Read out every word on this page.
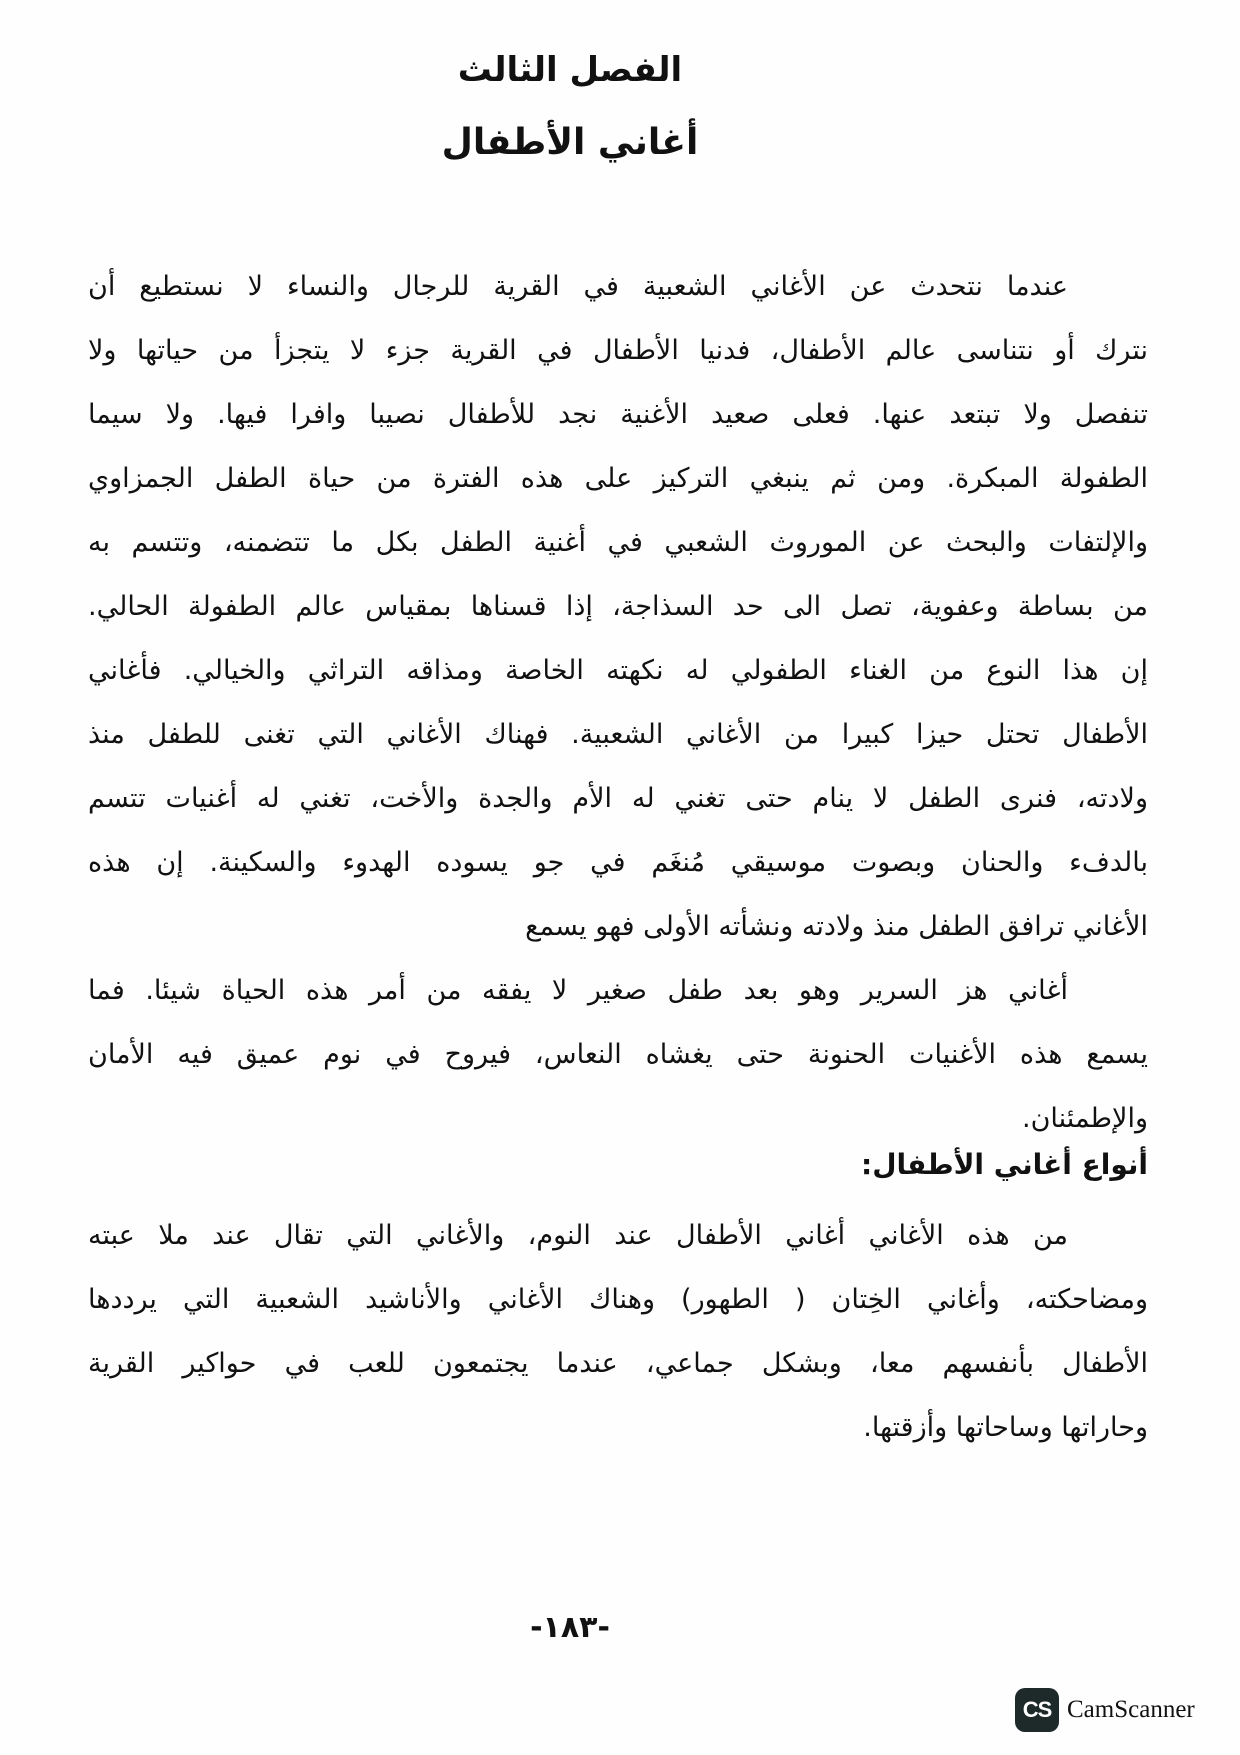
الفصل الثالث
أغاني الأطفال
عندما نتحدث عن الأغاني الشعبية في القرية للرجال والنساء لا نستطيع أن
نترك أو نتناسى عالم الأطفال، فدنيا الأطفال في القرية جزء لا يتجزأ من حياتها ولا
تنفصل ولا تبتعد عنها. فعلى صعيد الأغنية نجد للأطفال نصيبا وافرا فيها. ولا سيما
الطفولة المبكرة. ومن ثم ينبغي التركيز على هذه الفترة من حياة الطفل الجمزاوي
والإلتفات والبحث عن الموروث الشعبي في أغنية الطفل بكل ما تتضمنه، وتتسم به
من بساطة وعفوية، تصل الى حد السذاجة، إذا قسناها بمقياس عالم الطفولة الحالي.
إن هذا النوع من الغناء الطفولي له نكهته الخاصة ومذاقه التراثي والخيالي. فأغاني
الأطفال تحتل حيزا كبيرا من الأغاني الشعبية. فهناك الأغاني التي تغنى للطفل منذ
ولادته، فنرى الطفل لا ينام حتى تغني له الأم والجدة والأخت، تغني له أغنيات تتسم
بالدفء والحنان وبصوت موسيقي مُنغَم في جو يسوده الهدوء والسكينة. إن هذه
الأغاني ترافق الطفل منذ ولادته ونشأته الأولى فهو يسمع
أغاني هز السرير وهو بعد طفل صغير لا يفقه من أمر هذه الحياة شيئا. فما
يسمع هذه الأغنيات الحنونة حتى يغشاه النعاس، فيروح في نوم عميق فيه الأمان
والإطمئنان.
أنواع أغاني الأطفال:
من هذه الأغاني أغاني الأطفال عند النوم، والأغاني التي تقال عند ملا عبته
ومضاحكته، وأغاني الخِتان ( الطهور) وهناك الأغاني والأناشيد الشعبية التي يرددها
الأطفال بأنفسهم معا، وبشكل جماعي، عندما يجتمعون للعب في حواكير القرية
وحاراتها وساحاتها وأزقتها.
-١٨٣-
CS CamScanner
